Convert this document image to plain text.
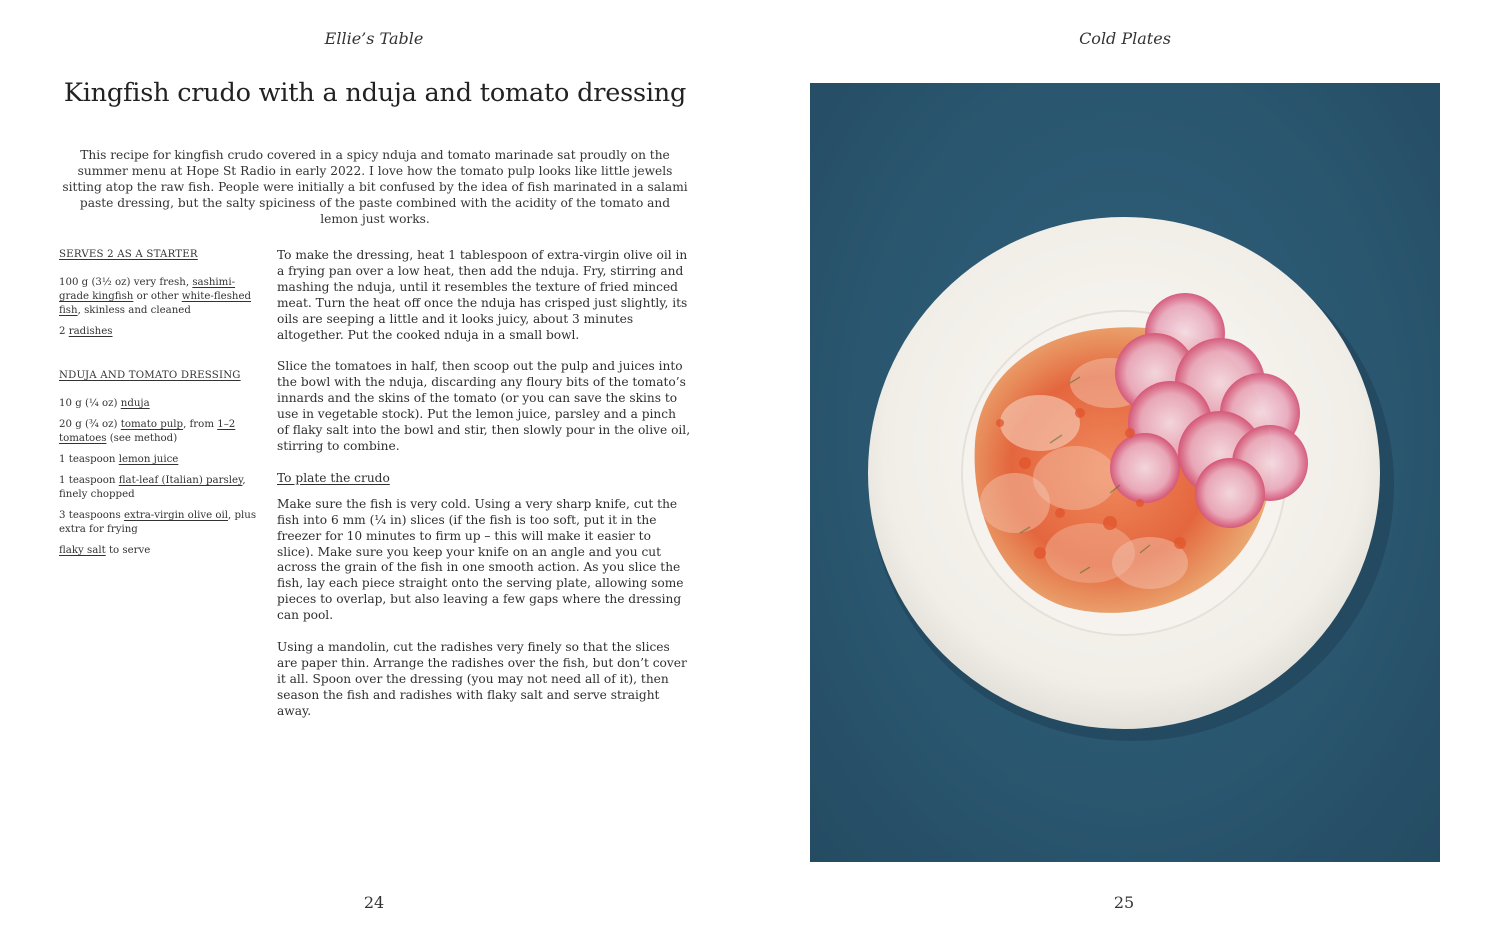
Ellie’s Table	Cold Plates
Kingfish crudo with a nduja and tomato dressing

This recipe for kingfish crudo covered in a spicy nduja and tomato marinade sat proudly on the summer menu at Hope St Radio in early 2022. I love how the tomato pulp looks like little jewels sitting atop the raw fish. People were initially a bit confused by the idea of fish marinated in a salami paste dressing, but the salty spiciness of the paste combined with the acidity of the tomato and lemon just works.

SERVES 2 AS A STARTER
100 g (3½ oz) very fresh, sashimi-grade kingfish or other white-fleshed fish, skinless and cleaned
2 radishes
NDUJA AND TOMATO DRESSING
10 g (¼ oz) nduja
20 g (¾ oz) tomato pulp, from 1–2 tomatoes (see method)
1 teaspoon lemon juice
1 teaspoon flat-leaf (Italian) parsley, finely chopped
3 teaspoons extra-virgin olive oil, plus extra for frying
flaky salt to serve

To make the dressing, heat 1 tablespoon of extra-virgin olive oil in a frying pan over a low heat, then add the nduja. Fry, stirring and mashing the nduja, until it resembles the texture of fried minced meat. Turn the heat off once the nduja has crisped just slightly, its oils are seeping a little and it looks juicy, about 3 minutes altogether. Put the cooked nduja in a small bowl.

Slice the tomatoes in half, then scoop out the pulp and juices into the bowl with the nduja, discarding any floury bits of the tomato’s innards and the skins of the tomato (or you can save the skins to use in vegetable stock). Put the lemon juice, parsley and a pinch of flaky salt into the bowl and stir, then slowly pour in the olive oil, stirring to combine.

To plate the crudo

Make sure the fish is very cold. Using a very sharp knife, cut the fish into 6 mm (¼ in) slices (if the fish is too soft, put it in the freezer for 10 minutes to firm up – this will make it easier to slice). Make sure you keep your knife on an angle and you cut across the grain of the fish in one smooth action. As you slice the fish, lay each piece straight onto the serving plate, allowing some pieces to overlap, but also leaving a few gaps where the dressing can pool.

Using a mandolin, cut the radishes very finely so that the slices are paper thin. Arrange the radishes over the fish, but don’t cover it all. Spoon over the dressing (you may not need all of it), then season the fish and radishes with flaky salt and serve straight away.

24	25
